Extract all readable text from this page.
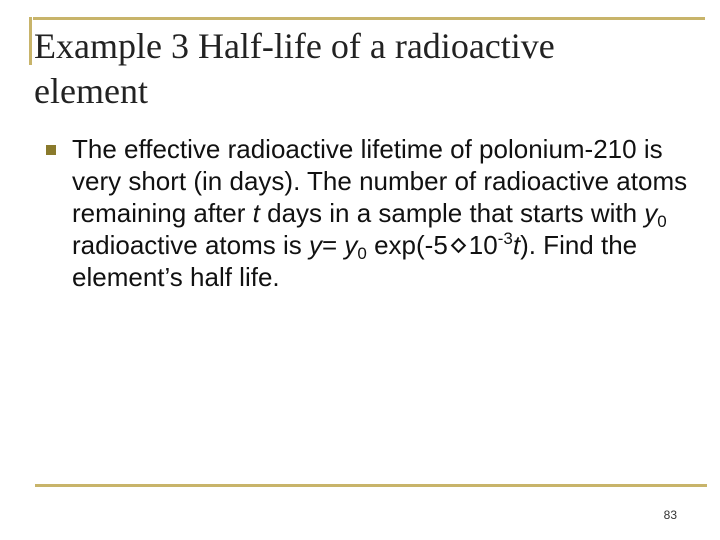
Example 3 Half-life of a radioactive element

The effective radioactive lifetime of polonium-210 is very short (in days). The number of radioactive atoms remaining after t days in a sample that starts with $y_0$ radioactive atoms is $y= y_0$ exp(-5 $10^{-3}t$). Find the element’s half life.

83
